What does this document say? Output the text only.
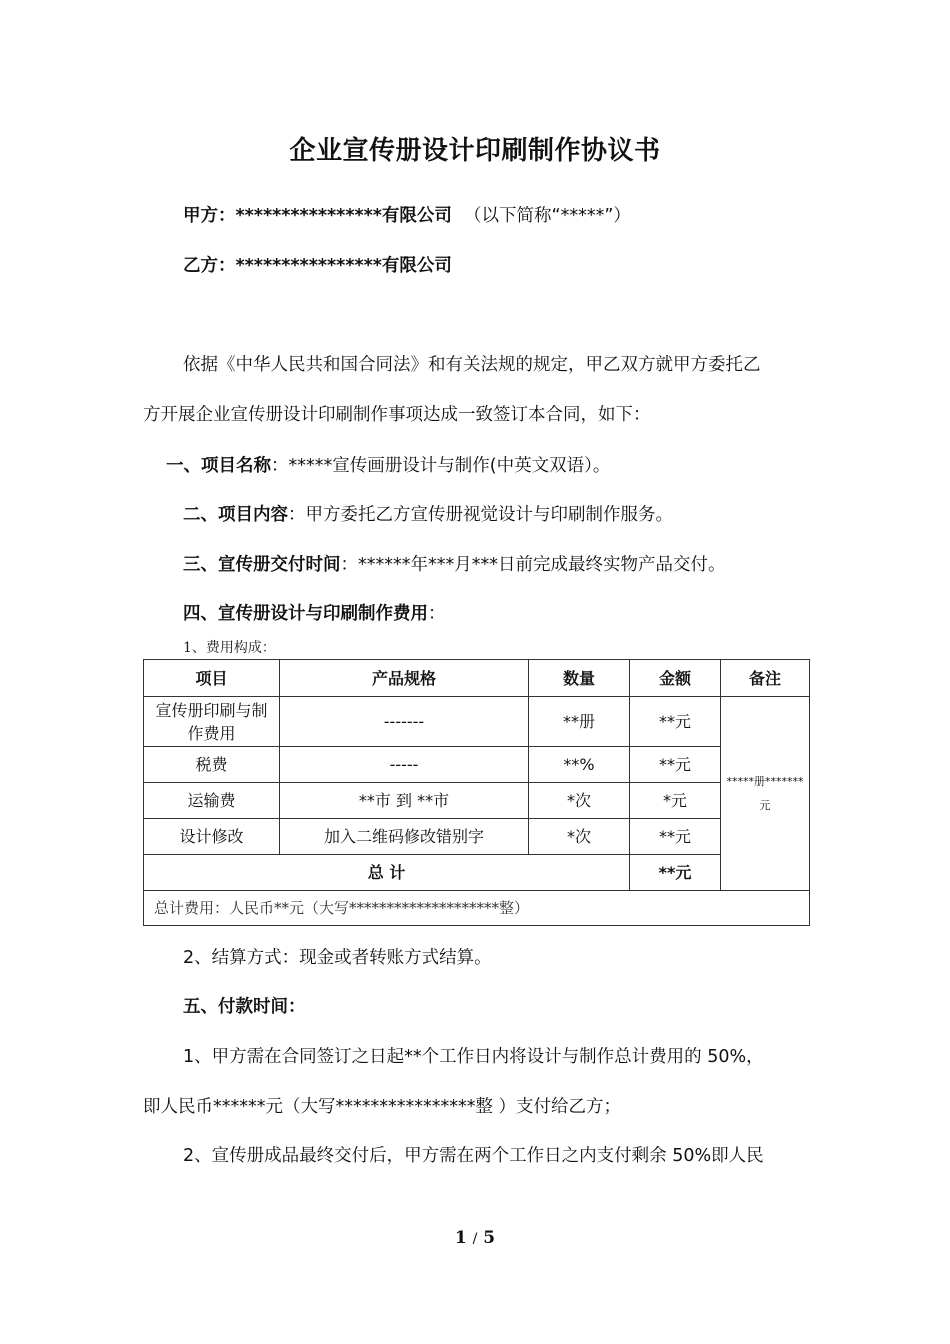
企业宣传册设计印刷制作协议书
甲方：****************有限公司 （以下简称“*****”）
乙方：****************有限公司
依据《中华人民共和国合同法》和有关法规的规定，甲乙双方就甲方委托乙
方开展企业宣传册设计印刷制作事项达成一致签订本合同，如下：
一、项目名称：*****宣传画册设计与制作(中英文双语）。
二、项目内容：甲方委托乙方宣传册视觉设计与印刷制作服务。
三、宣传册交付时间：******年***月***日前完成最终实物产品交付。
四、宣传册设计与印刷制作费用：
1、费用构成：
项目	产品规格	数量	金额	备注
宣传册印刷与制作费用	-------	**册	**元	*****册*******元
税费	-----	**%	**元	
运输费	**市 到 **市	*次	*元	
设计修改	加入二维码修改错别字	*次	**元	
总 计			**元	
总计费用：人民币**元（大写********************整）				
2、结算方式：现金或者转账方式结算。
五、付款时间：
1、甲方需在合同签订之日起**个工作日内将设计与制作总计费用的 50%，
即人民币******元（大写****************整 ）支付给乙方；
2、宣传册成品最终交付后，甲方需在两个工作日之内支付剩余 50%即人民
1 / 5
